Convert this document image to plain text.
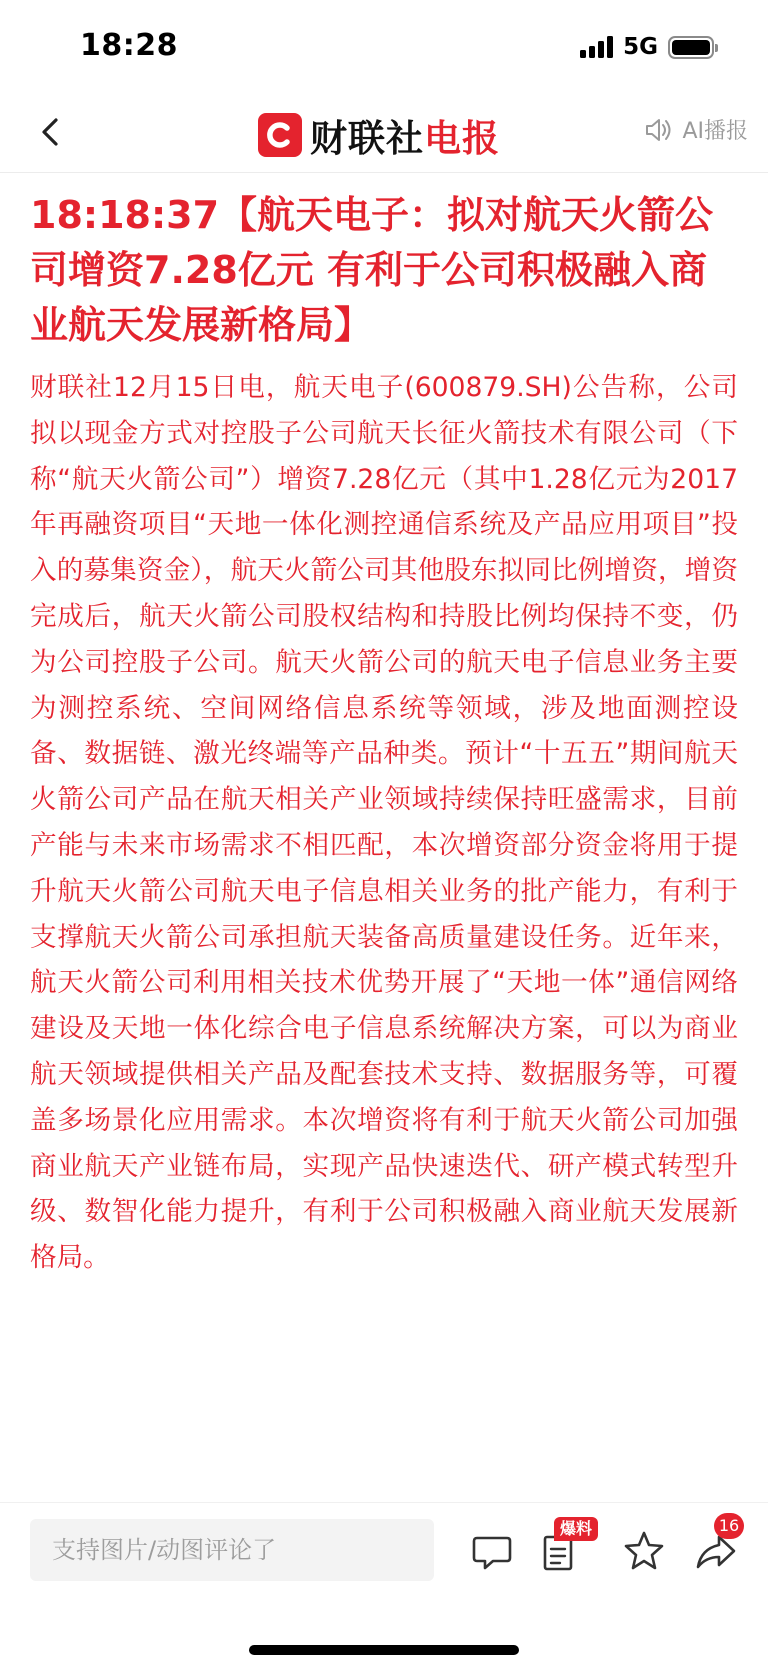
18:28	5G
财联社 电报	AI播报
18:18:37【航天电子：拟对航天火箭公司增资7.28亿元 有利于公司积极融入商业航天发展新格局】

财联社12月15日电，航天电子(600879.SH)公告称，公司拟以现金方式对控股子公司航天长征火箭技术有限公司（下称“航天火箭公司”）增资7.28亿元（其中1.28亿元为2017年再融资项目“天地一体化测控通信系统及产品应用项目”投入的募集资金），航天火箭公司其他股东拟同比例增资，增资完成后，航天火箭公司股权结构和持股比例均保持不变，仍为公司控股子公司。航天火箭公司的航天电子信息业务主要为测控系统、空间网络信息系统等领域，涉及地面测控设备、数据链、激光终端等产品种类。预计“十五五”期间航天火箭公司产品在航天相关产业领域持续保持旺盛需求，目前产能与未来市场需求不相匹配，本次增资部分资金将用于提升航天火箭公司航天电子信息相关业务的批产能力，有利于支撑航天火箭公司承担航天装备高质量建设任务。近年来，航天火箭公司利用相关技术优势开展了“天地一体”通信网络建设及天地一体化综合电子信息系统解决方案，可以为商业航天领域提供相关产品及配套技术支持、数据服务等，可覆盖多场景化应用需求。本次增资将有利于航天火箭公司加强商业航天产业链布局，实现产品快速迭代、研产模式转型升级、数智化能力提升，有利于公司积极融入商业航天发展新格局。

支持图片/动图评论了
爆料	16
